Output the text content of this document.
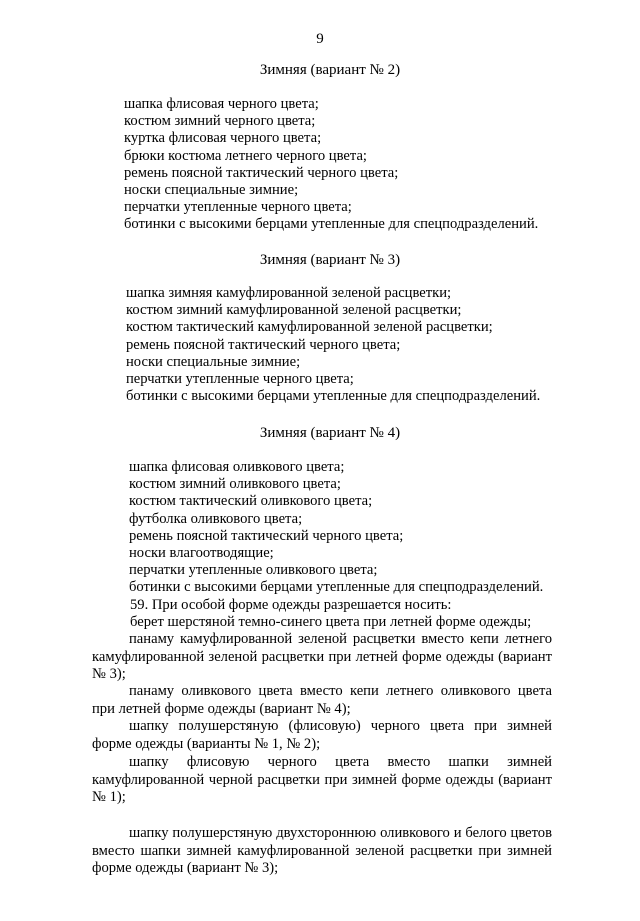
9
Зимняя (вариант № 2)
шапка флисовая черного цвета;
костюм зимний черного цвета;
куртка флисовая черного цвета;
брюки костюма летнего черного цвета;
ремень поясной тактический черного цвета;
носки специальные зимние;
перчатки утепленные черного цвета;
ботинки с высокими берцами утепленные для спецподразделений.
Зимняя (вариант № 3)
шапка зимняя камуфлированной зеленой расцветки;
костюм зимний камуфлированной зеленой расцветки;
костюм тактический камуфлированной зеленой расцветки;
ремень поясной тактический черного цвета;
носки специальные зимние;
перчатки утепленные черного цвета;
ботинки с высокими берцами утепленные для спецподразделений.
Зимняя (вариант № 4)
шапка флисовая оливкового цвета;
костюм зимний оливкового цвета;
костюм тактический оливкового цвета;
футболка оливкового цвета;
ремень поясной тактический черного цвета;
носки влагоотводящие;
перчатки утепленные оливкового цвета;
ботинки с высокими берцами утепленные для спецподразделений.
59. При особой форме одежды разрешается носить:
берет шерстяной темно-синего цвета при летней форме одежды;

панаму камуфлированной зеленой расцветки вместо кепи летнего камуфлированной зеленой расцветки при летней форме одежды (вариант № 3);

панаму оливкового цвета вместо кепи летнего оливкового цвета при летней форме одежды (вариант № 4);

шапку полушерстяную (флисовую) черного цвета при зимней форме одежды (варианты № 1, № 2);

шапку флисовую черного цвета вместо шапки зимней камуфлированной черной расцветки при зимней форме одежды (вариант № 1);

шапку полушерстяную двухстороннюю оливкового и белого цветов вместо шапки зимней камуфлированной зеленой расцветки при зимней форме одежды (вариант № 3);
